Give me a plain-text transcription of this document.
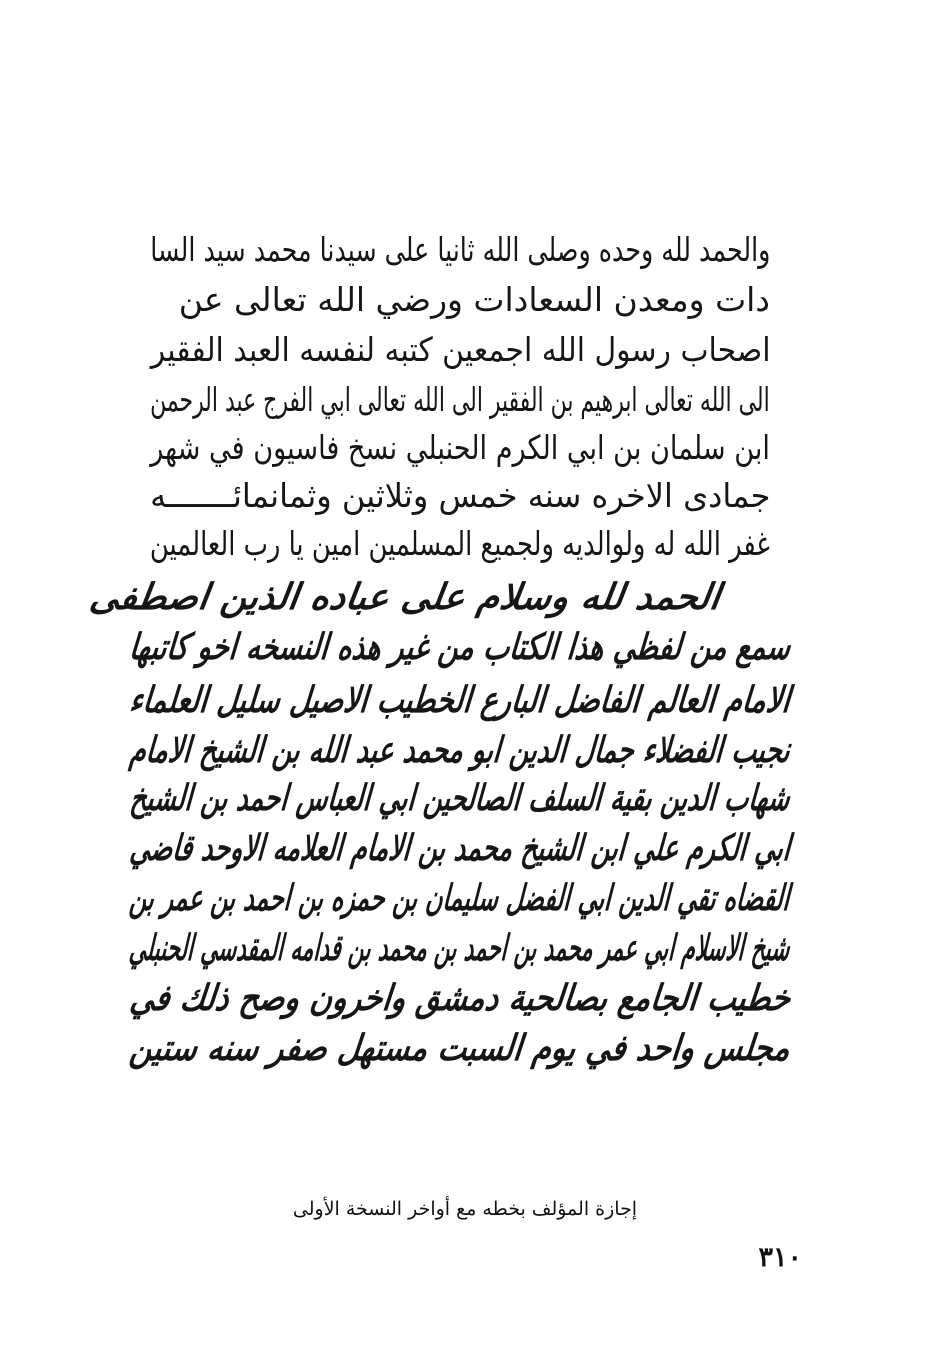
والحمد لله وحده وصلى الله ثانيا على سيدنا محمد سيد السا
دات ومعدن السعادات ورضي الله تعالى عن
اصحاب رسول الله اجمعين كتبه لنفسه العبد الفقير
الى الله تعالى ابرهيم بن الفقير الى الله تعالى ابي الفرج عبد الرحمن
ابن سلمان بن ابي الكرم الحنبلي نسخ فاسيون في شهر
جمادى الاخره سنه خمس وثلاثين وثمانمائـــــــه
غفر الله له ولوالديه ولجميع المسلمين امين يا رب العالمين
الحمد لله وسلام على عباده الذين اصطفى
سمع من لفظي هذا الكتاب من غير هذه النسخه اخو كاتبها
الامام العالم الفاضل البارع الخطيب الاصيل سليل العلماء
نجيب الفضلاء جمال الدين ابو محمد عبد الله بن الشيخ الامام
شهاب الدين بقية السلف الصالحين ابي العباس احمد بن الشيخ
ابي الكرم علي ابن الشيخ محمد بن الامام العلامه الاوحد قاضي
القضاه تقي الدين ابي الفضل سليمان بن حمزه بن احمد بن عمر بن
شيخ الاسلام ابي عمر محمد بن احمد بن محمد بن قدامه المقدسي الحنبلي
خطيب الجامع بصالحية دمشق واخرون وصح ذلك في
مجلس واحد في يوم السبت مستهل صفر سنه ستين
إجازة المؤلف بخطه مع أواخر النسخة الأولى
٣١٠
